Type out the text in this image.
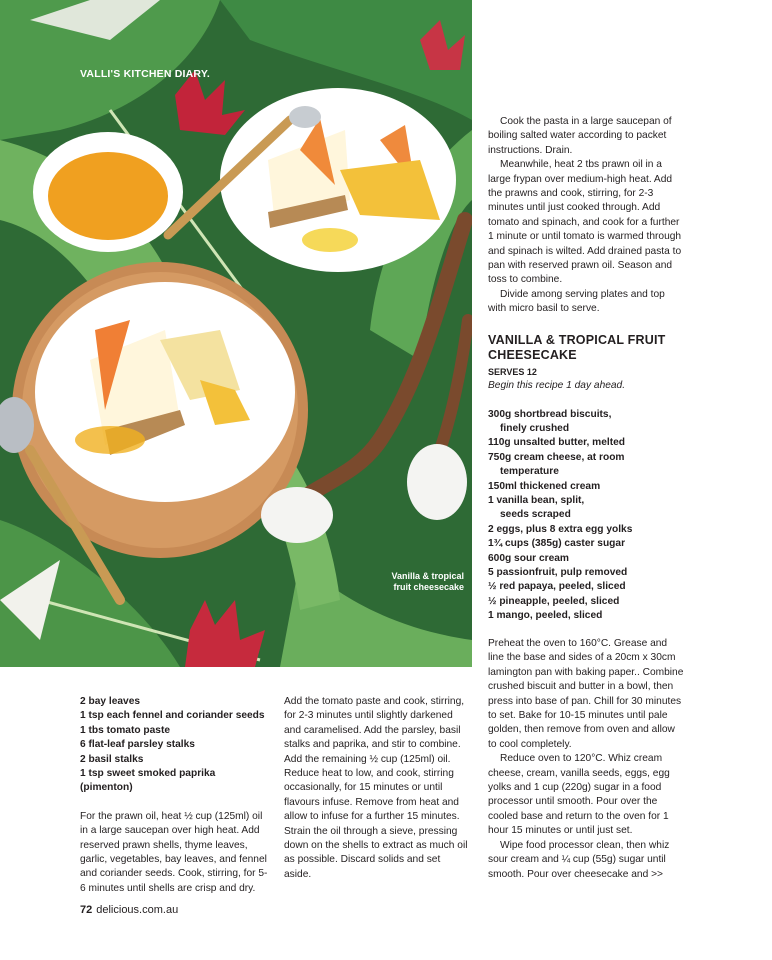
VALLI'S KITCHEN DIARY.
Vanilla & tropical
fruit cheesecake

Cook the pasta in a large saucepan of boiling salted water according to packet instructions. Drain.

Meanwhile, heat 2 tbs prawn oil in a large frypan over medium-high heat. Add the prawns and cook, stirring, for 2-3 minutes until just cooked through. Add tomato and spinach, and cook for a further 1 minute or until tomato is warmed through and spinach is wilted. Add drained pasta to pan with reserved prawn oil. Season and toss to combine.

Divide among serving plates and top with micro basil to serve.

VANILLA & TROPICAL FRUIT
CHEESECAKE
SERVES 12

Begin this recipe 1 day ahead.

300g shortbread biscuits,
finely crushed
110g unsalted butter, melted
750g cream cheese, at room
temperature
150ml thickened cream
1 vanilla bean, split,
seeds scraped
2 eggs, plus 8 extra egg yolks
1¾ cups (385g) caster sugar
600g sour cream
5 passionfruit, pulp removed
½ red papaya, peeled, sliced
½ pineapple, peeled, sliced
1 mango, peeled, sliced

Preheat the oven to 160°C. Grease and line the base and sides of a 20cm x 30cm lamington pan with baking paper.. Combine crushed biscuit and butter in a bowl, then press into base of pan. Chill for 30 minutes to set. Bake for 10-15 minutes until pale golden, then remove from oven and allow to cool completely.

Reduce oven to 120°C. Whiz cream cheese, cream, vanilla seeds, eggs, egg yolks and 1 cup (220g) sugar in a food processor until smooth. Pour over the cooled base and return to the oven for 1 hour 15 minutes or until just set.

Wipe food processor clean, then whiz sour cream and ¼ cup (55g) sugar until smooth. Pour over cheesecake and >>

2 bay leaves
1 tsp each fennel and coriander seeds
1 tbs tomato paste
6 flat-leaf parsley stalks
2 basil stalks
1 tsp sweet smoked paprika (pimenton)

For the prawn oil, heat ½ cup (125ml) oil in a large saucepan over high heat. Add reserved prawn shells, thyme leaves, garlic, vegetables, bay leaves, and fennel and coriander seeds. Cook, stirring, for 5-6 minutes until shells are crisp and dry.

Add the tomato paste and cook, stirring, for 2-3 minutes until slightly darkened and caramelised. Add the parsley, basil stalks and paprika, and stir to combine. Add the remaining ½ cup (125ml) oil. Reduce heat to low, and cook, stirring occasionally, for 15 minutes or until flavours infuse. Remove from heat and allow to infuse for a further 15 minutes. Strain the oil through a sieve, pressing down on the shells to extract as much oil as possible. Discard solids and set aside.

72 delicious.com.au
